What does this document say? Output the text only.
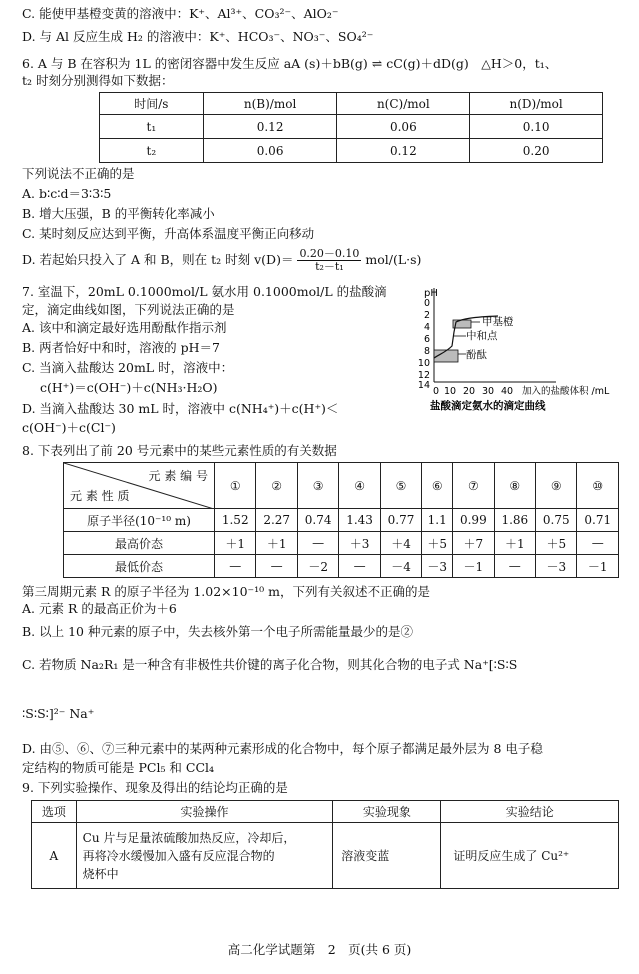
C. 能使甲基橙变黄的溶液中：K⁺、Al³⁺、CO₃²⁻、AlO₂⁻
D. 与 Al 反应生成 H₂ 的溶液中：K⁺、HCO₃⁻、NO₃⁻、SO₄²⁻
6. A 与 B 在容积为 1L 的密闭容器中发生反应 aA (s)＋bB(g) ⇌ cC(g)＋dD(g)　△H＞0，t₁、
t₂ 时刻分别测得如下数据：
时间/s	n(B)/mol	n(C)/mol	n(D)/mol
t₁	0.12	0.06	0.10
t₂	0.06	0.12	0.20
下列说法不正确的是
A. b∶c∶d＝3∶3∶5
B. 增大压强，B 的平衡转化率减小
C. 某时刻反应达到平衡，升高体系温度平衡正向移动
D. 若起始只投入了 A 和 B，则在 t₂ 时刻 $v(D)= \frac{0.20-0.10}{\text{t₂－t₁}} mol/(L\cdot s)$
7. 室温下，20mL 0.1000mol/L 氨水用 0.1000mol/L 的盐酸滴
定，滴定曲线如图，下列说法正确的是
A. 该中和滴定最好选用酚酞作指示剂
B. 两者恰好中和时，溶液的 pH＝7
C. 当滴入盐酸达 20mL 时，溶液中：
c(H⁺)＝c(OH⁻)＋c(NH₃·H₂O)
D. 当滴入盐酸达 30 mL 时，溶液中 c(NH₄⁺)＋c(H⁺)＜
c(OH⁻)＋c(Cl⁻)
pH
0
2
4
6
8
10
12
14
0 10 20 30 40 加入的盐酸体积 /mL
甲基橙
中和点
酚酞
盐酸滴定氨水的滴定曲线
8. 下表列出了前 20 号元素中的某些元素性质的有关数据
元 素 编 号
元 素 性 质	①	②	③	④	⑤	⑥	⑦	⑧	⑨	⑩
原子半径(10⁻¹⁰ m)	1.52	2.27	0.74	1.43	0.77	1.1	0.99	1.86	0.75	0.71
最高价态	＋1	＋1	—	＋3	＋4	＋5	＋7	＋1	＋5	—
最低价态	—	—	－2	—	－4	－3	－1	—	－3	－1
第三周期元素 R 的原子半径为 1.02×10⁻¹⁰ m，下列有关叙述不正确的是
A. 元素 R 的最高正价为＋6
B. 以上 10 种元素的原子中，失去核外第一个电子所需能量最少的是②
C. 若物质 Na₂R₁ 是一种含有非极性共价键的离子化合物，则其化合物的电子式 Na⁺[∶S∶S
∶S∶S∶]²⁻ Na⁺
D. 由⑤、⑥、⑦三种元素中的某两种元素形成的化合物中，每个原子都满足最外层为 8 电子稳
定结构的物质可能是 PCl₅ 和 CCl₄
9. 下列实验操作、现象及得出的结论均正确的是
选项	实验操作	实验现象	实验结论
A	Cu 片与足量浓硫酸加热反应，冷却后，
再将冷水缓慢加入盛有反应混合物的
烧杯中	溶液变蓝	证明反应生成了 Cu²⁺
高二化学试题第　2　页(共 6 页)
